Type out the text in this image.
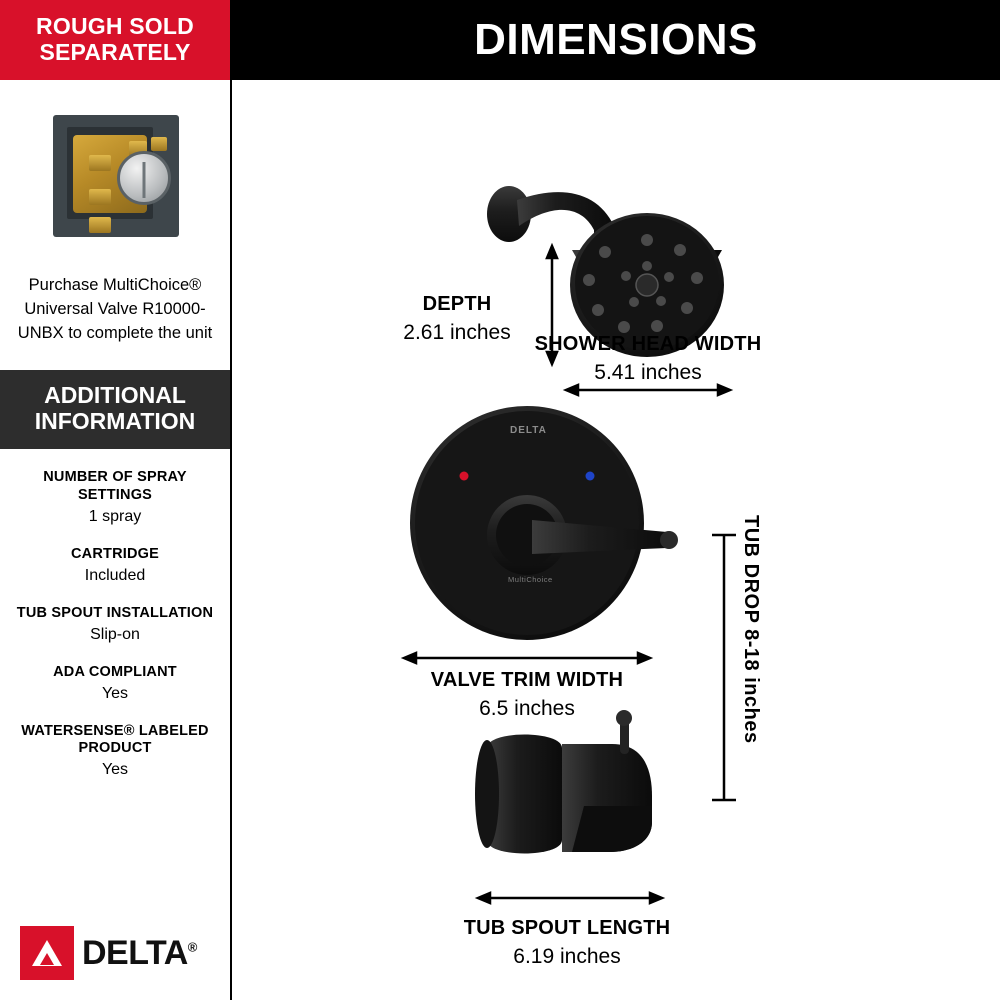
ROUGH SOLD SEPARATELY
Purchase MultiChoice® Universal Valve R10000-UNBX to complete the unit
ADDITIONAL INFORMATION
NUMBER OF SPRAY SETTINGS
1 spray
CARTRIDGE
Included
TUB SPOUT INSTALLATION
Slip-on
ADA COMPLIANT
Yes
WATERSENSE® LABELED PRODUCT
Yes
DELTA®
DIMENSIONS
DEPTH
2.61 inches	SHOWER HEAD WIDTH
5.41 inches
VALVE TRIM WIDTH
6.5 inches	TUB DROP 8-18 inches
TUB SPOUT LENGTH
6.19 inches
DELTA
MultiChoice
